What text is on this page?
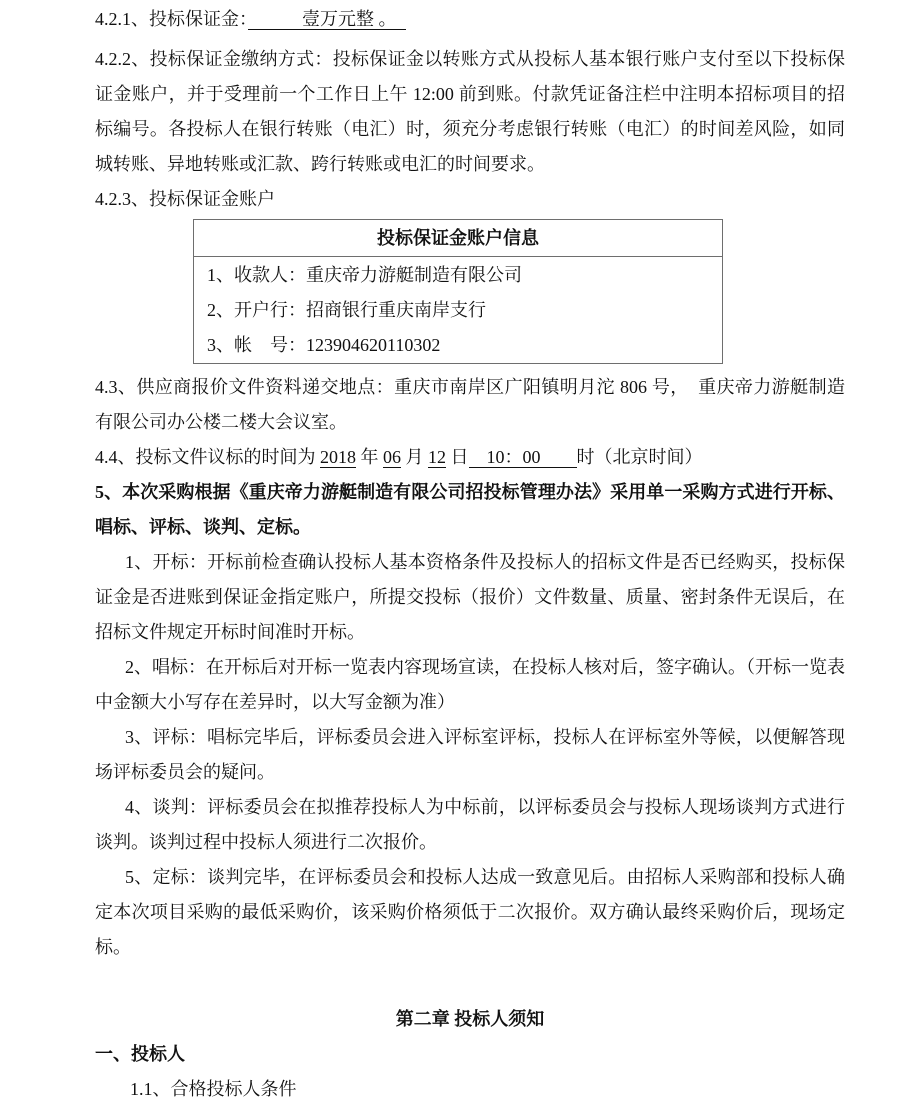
4.2.1、投标保证金：　　　壹万元整 。　

4.2.2、投标保证金缴纳方式：投标保证金以转账方式从投标人基本银行账户支付至以下投标保证金账户，并于受理前一个工作日上午 12:00 前到账。付款凭证备注栏中注明本招标项目的招标编号。各投标人在银行转账（电汇）时，须充分考虑银行转账（电汇）的时间差风险，如同城转账、异地转账或汇款、跨行转账或电汇的时间要求。

4.2.3、投标保证金账户

投标保证金账户信息

1、收款人：重庆帝力游艇制造有限公司
2、开户行：招商银行重庆南岸支行
3、帐　号：123904620110302

4.3、供应商报价文件资料递交地点：重庆市南岸区广阳镇明月沱 806 号，　重庆帝力游艇制造有限公司办公楼二楼大会议室。

4.4、投标文件议标的时间为 2018 年 06 月 12 日　10：00　　时（北京时间）

5、本次采购根据《重庆帝力游艇制造有限公司招投标管理办法》采用单一采购方式进行开标、唱标、评标、谈判、定标。

1、开标：开标前检查确认投标人基本资格条件及投标人的招标文件是否已经购买，投标保证金是否进账到保证金指定账户，所提交投标（报价）文件数量、质量、密封条件无误后，在招标文件规定开标时间准时开标。

2、唱标：在开标后对开标一览表内容现场宣读，在投标人核对后，签字确认。（开标一览表中金额大小写存在差异时，以大写金额为准）

3、评标：唱标完毕后，评标委员会进入评标室评标，投标人在评标室外等候，以便解答现场评标委员会的疑问。

4、谈判：评标委员会在拟推荐投标人为中标前，以评标委员会与投标人现场谈判方式进行谈判。谈判过程中投标人须进行二次报价。

5、定标：谈判完毕，在评标委员会和投标人达成一致意见后。由招标人采购部和投标人确定本次项目采购的最低采购价，该采购价格须低于二次报价。双方确认最终采购价后，现场定标。

第二章 投标人须知

一、投标人

1.1、合格投标人条件
